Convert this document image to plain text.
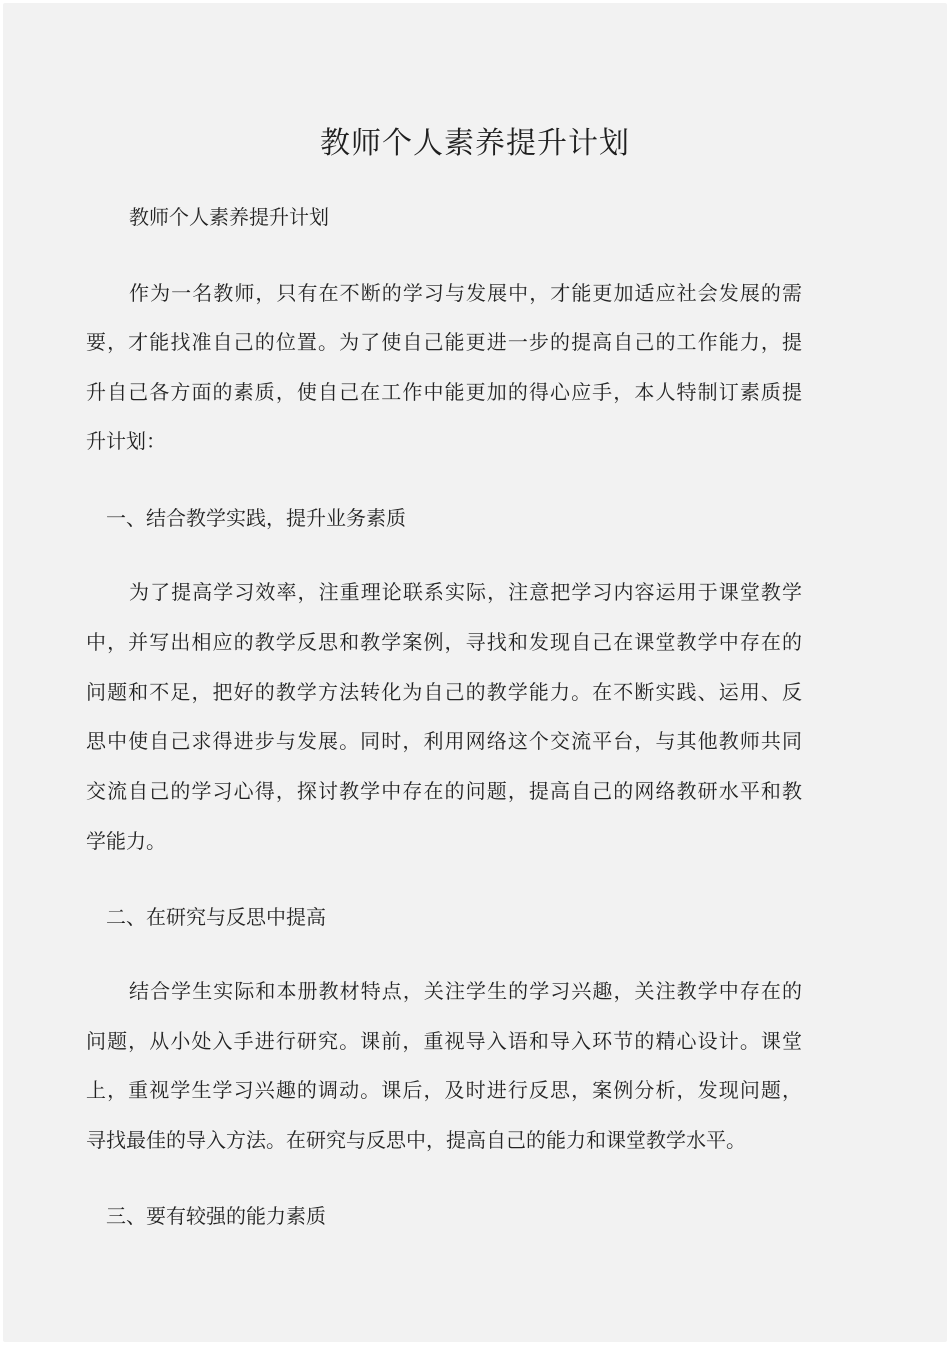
教师个人素养提升计划
教师个人素养提升计划
作为一名教师，只有在不断的学习与发展中，才能更加适应社会发展的需
要，才能找准自己的位置。为了使自己能更进一步的提高自己的工作能力，提
升自己各方面的素质，使自己在工作中能更加的得心应手，本人特制订素质提
升计划：
一、结合教学实践，提升业务素质
为了提高学习效率，注重理论联系实际，注意把学习内容运用于课堂教学
中，并写出相应的教学反思和教学案例，寻找和发现自己在课堂教学中存在的
问题和不足，把好的教学方法转化为自己的教学能力。在不断实践、运用、反
思中使自己求得进步与发展。同时，利用网络这个交流平台，与其他教师共同
交流自己的学习心得，探讨教学中存在的问题，提高自己的网络教研水平和教
学能力。
二、在研究与反思中提高
结合学生实际和本册教材特点，关注学生的学习兴趣，关注教学中存在的
问题，从小处入手进行研究。课前，重视导入语和导入环节的精心设计。课堂
上，重视学生学习兴趣的调动。课后，及时进行反思，案例分析，发现问题，
寻找最佳的导入方法。在研究与反思中，提高自己的能力和课堂教学水平。
三、要有较强的能力素质
